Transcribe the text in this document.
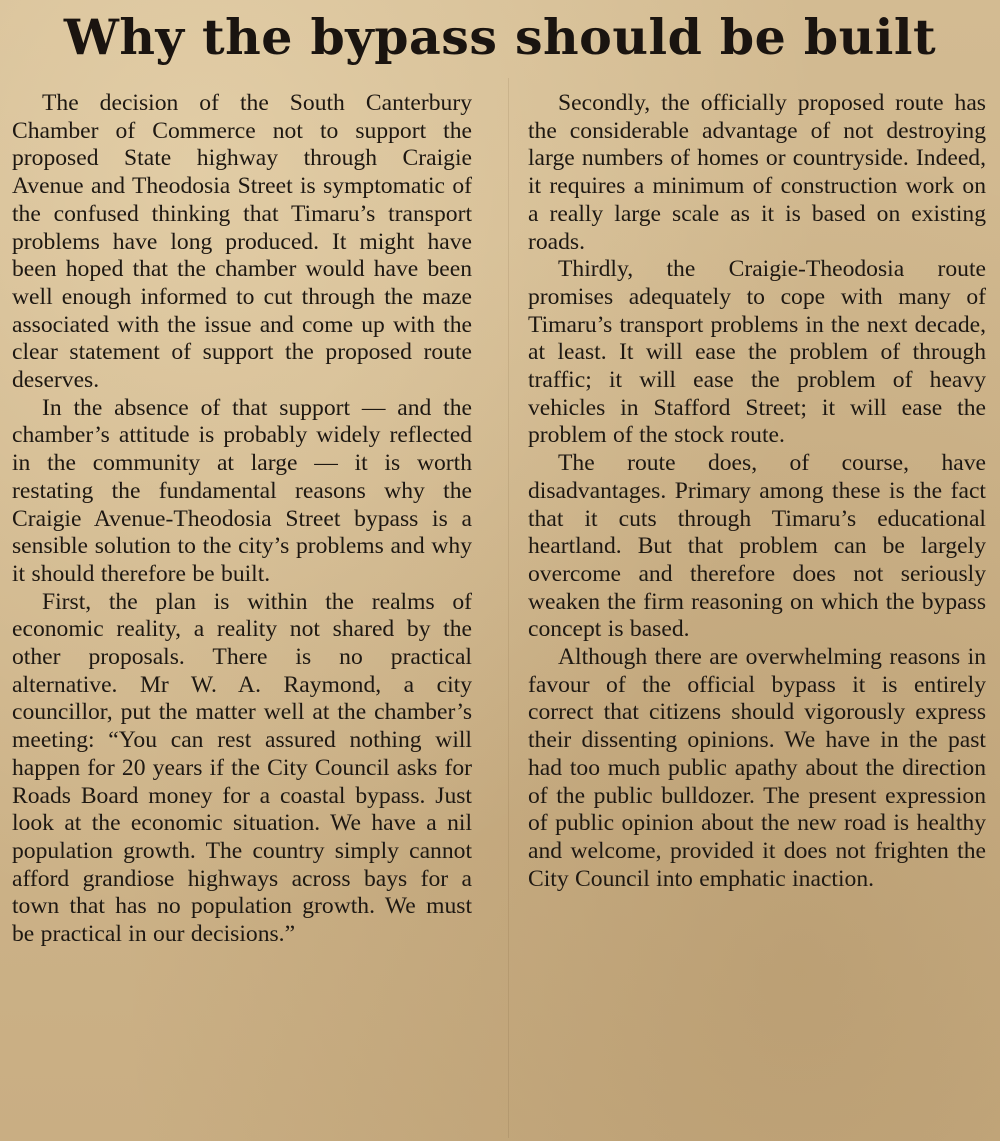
Why the bypass should be built

The decision of the South Canterbury Chamber of Commerce not to support the proposed State highway through Craigie Avenue and Theodosia Street is symptomatic of the confused thinking that Timaru’s transport problems have long produced. It might have been hoped that the chamber would have been well enough informed to cut through the maze associated with the issue and come up with the clear statement of support the proposed route deserves.

In the absence of that support — and the chamber’s attitude is probably widely reflected in the community at large — it is worth restating the fundamental reasons why the Craigie Avenue-Theodosia Street bypass is a sensible solution to the city’s problems and why it should therefore be built.

First, the plan is within the realms of economic reality, a reality not shared by the other proposals. There is no practical alternative. Mr W. A. Raymond, a city councillor, put the matter well at the chamber’s meeting: “You can rest assured nothing will happen for 20 years if the City Council asks for Roads Board money for a coastal bypass. Just look at the economic situation. We have a nil population growth. The country simply cannot afford grandiose highways across bays for a town that has no population growth. We must be practical in our decisions.”

Secondly, the officially proposed route has the considerable advantage of not destroying large numbers of homes or countryside. Indeed, it requires a minimum of construction work on a really large scale as it is based on existing roads.

Thirdly, the Craigie-Theodosia route promises adequately to cope with many of Timaru’s transport problems in the next decade, at least. It will ease the problem of through traffic; it will ease the problem of heavy vehicles in Stafford Street; it will ease the problem of the stock route.

The route does, of course, have disadvantages. Primary among these is the fact that it cuts through Timaru’s educational heartland. But that problem can be largely overcome and therefore does not seriously weaken the firm reasoning on which the bypass concept is based.

Although there are overwhelming reasons in favour of the official bypass it is entirely correct that citizens should vigorously express their dissenting opinions. We have in the past had too much public apathy about the direction of the public bulldozer. The present expression of public opinion about the new road is healthy and welcome, provided it does not frighten the City Council into emphatic inaction.
